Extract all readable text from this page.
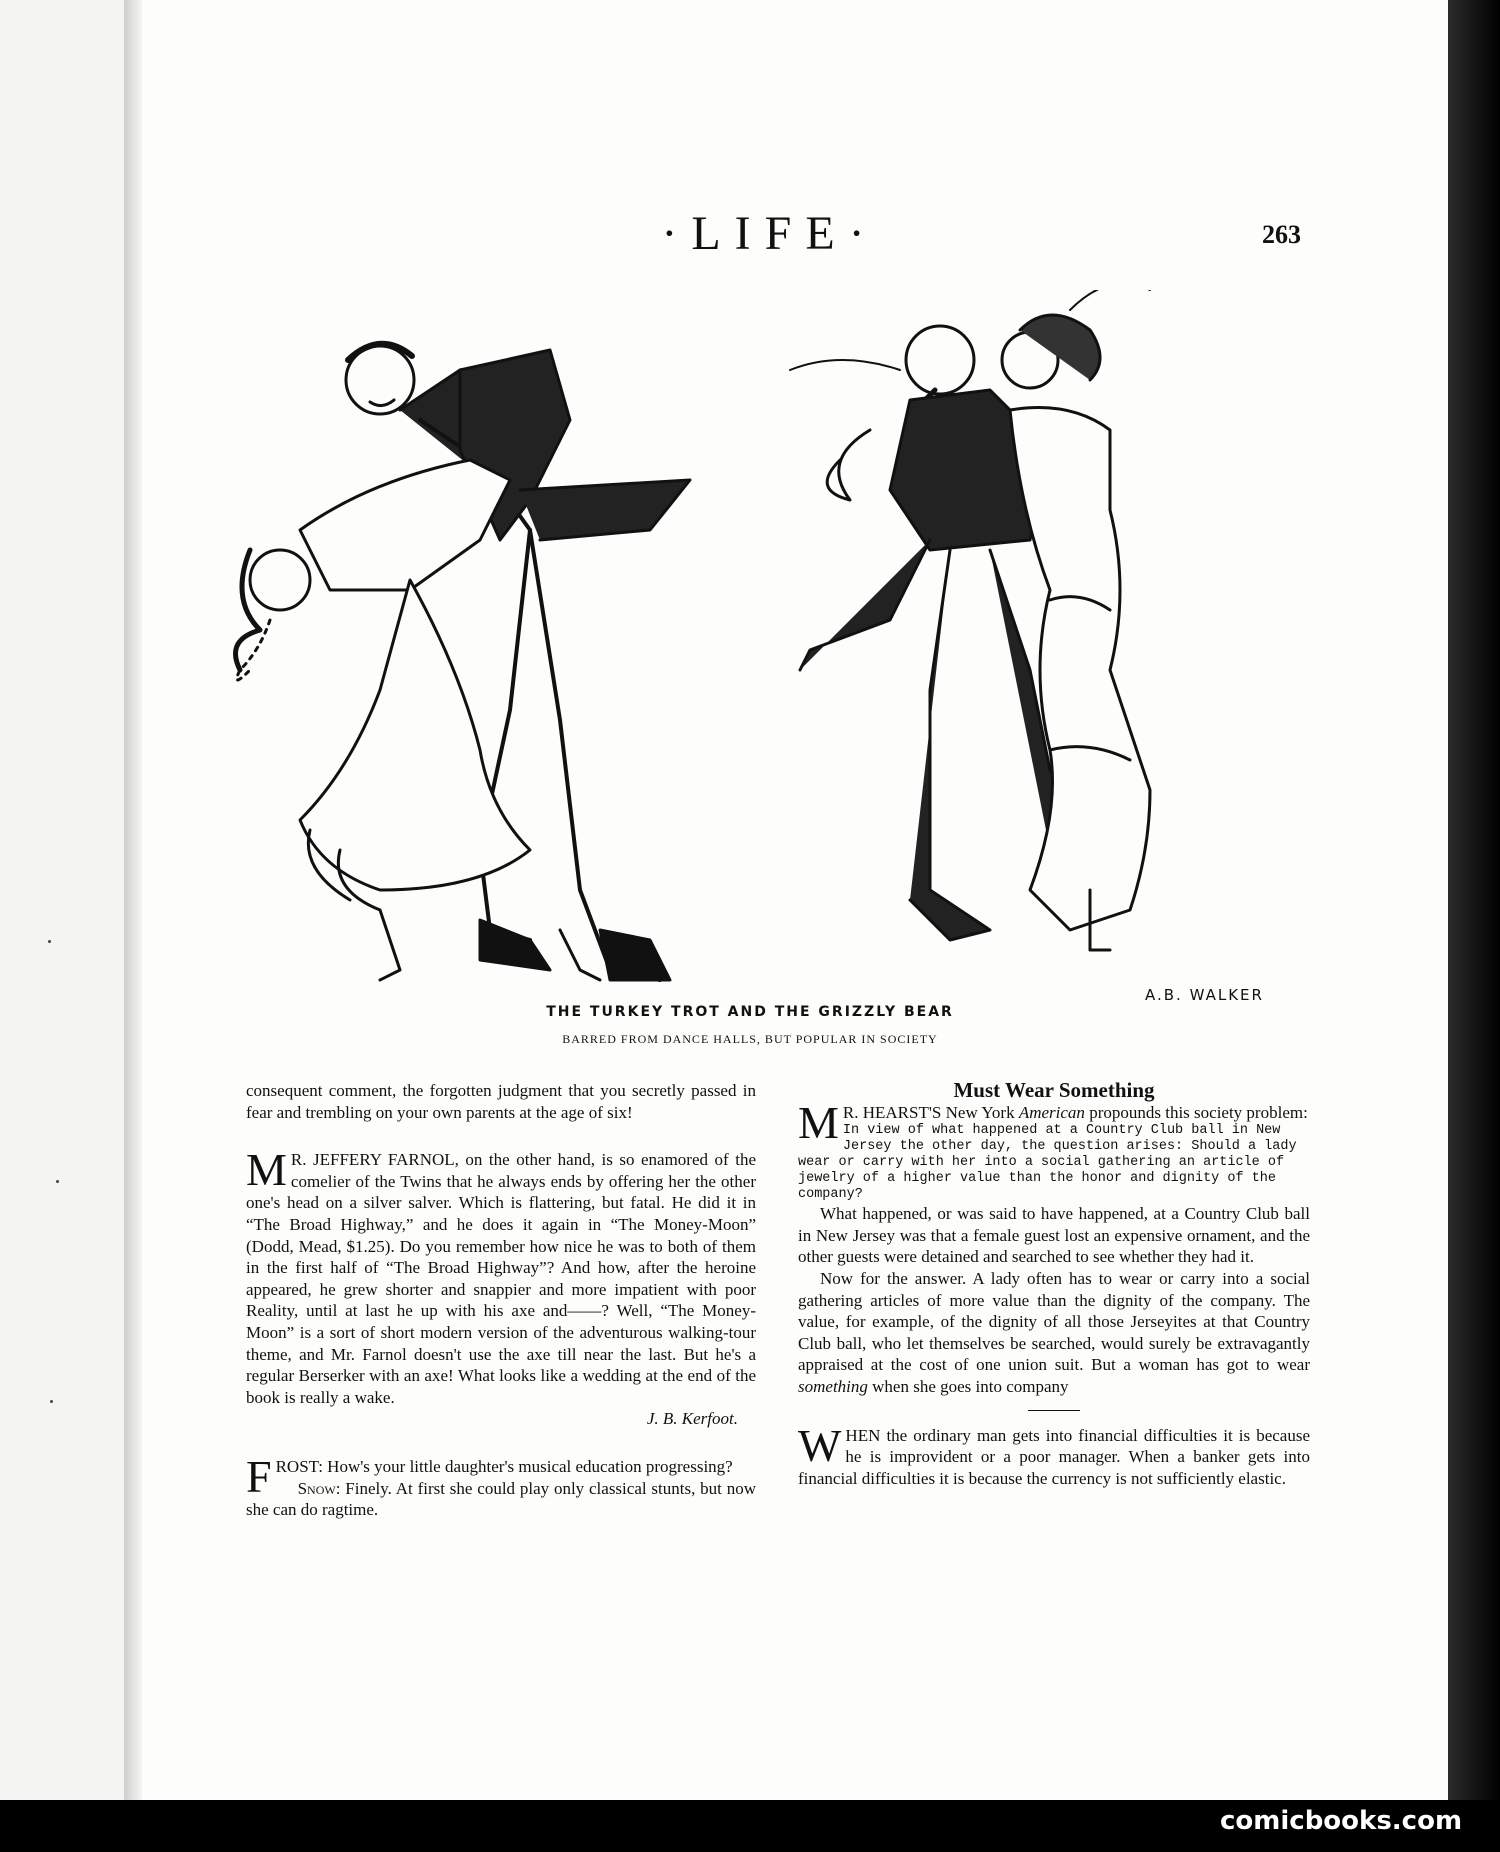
·LIFE·	263
A.B. WALKER
THE TURKEY TROT AND THE GRIZZLY BEAR
BARRED FROM DANCE HALLS, BUT POPULAR IN SOCIETY

consequent comment, the forgotten judgment that you secretly passed in fear and trembling on your own parents at the age of six!

M R. JEFFERY FARNOL, on the other hand, is so enamored of the comelier of the Twins that he always ends by offering her the other one's head on a silver salver. Which is flattering, but fatal. He did it in “The Broad Highway,” and he does it again in “The Money-Moon” (Dodd, Mead, $1.25). Do you remember how nice he was to both of them in the first half of “The Broad Highway”? And how, after the heroine appeared, he grew shorter and snappier and more impatient with poor Reality, until at last he up with his axe and——? Well, “The Money-Moon” is a sort of short modern version of the adventurous walking-tour theme, and Mr. Farnol doesn't use the axe till near the last. But he's a regular Berserker with an axe! What looks like a wedding at the end of the book is really a wake.

J. B. Kerfoot.

FROST: How's your little daughter's musical education progressing?

Snow: Finely. At first she could play only classical stunts, but now she can do ragtime.

Must Wear Something

M R. HEARST'S New York American propounds this society problem:

In view of what happened at a Country Club ball in New Jersey the other day, the question arises: Should a lady wear or carry with her into a social gathering an article of jewelry of a higher value than the honor and dignity of the company?

What happened, or was said to have happened, at a Country Club ball in New Jersey was that a female guest lost an expensive ornament, and the other guests were detained and searched to see whether they had it.

Now for the answer. A lady often has to wear or carry into a social gathering articles of more value than the dignity of the company. The value, for example, of the dignity of all those Jerseyites at that Country Club ball, who let themselves be searched, would surely be extravagantly appraised at the cost of one union suit. But a woman has got to wear something when she goes into company

WHEN the ordinary man gets into financial difficulties it is because he is improvident or a poor manager. When a banker gets into financial difficulties it is because the currency is not sufficiently elastic.

comicbooks.com
